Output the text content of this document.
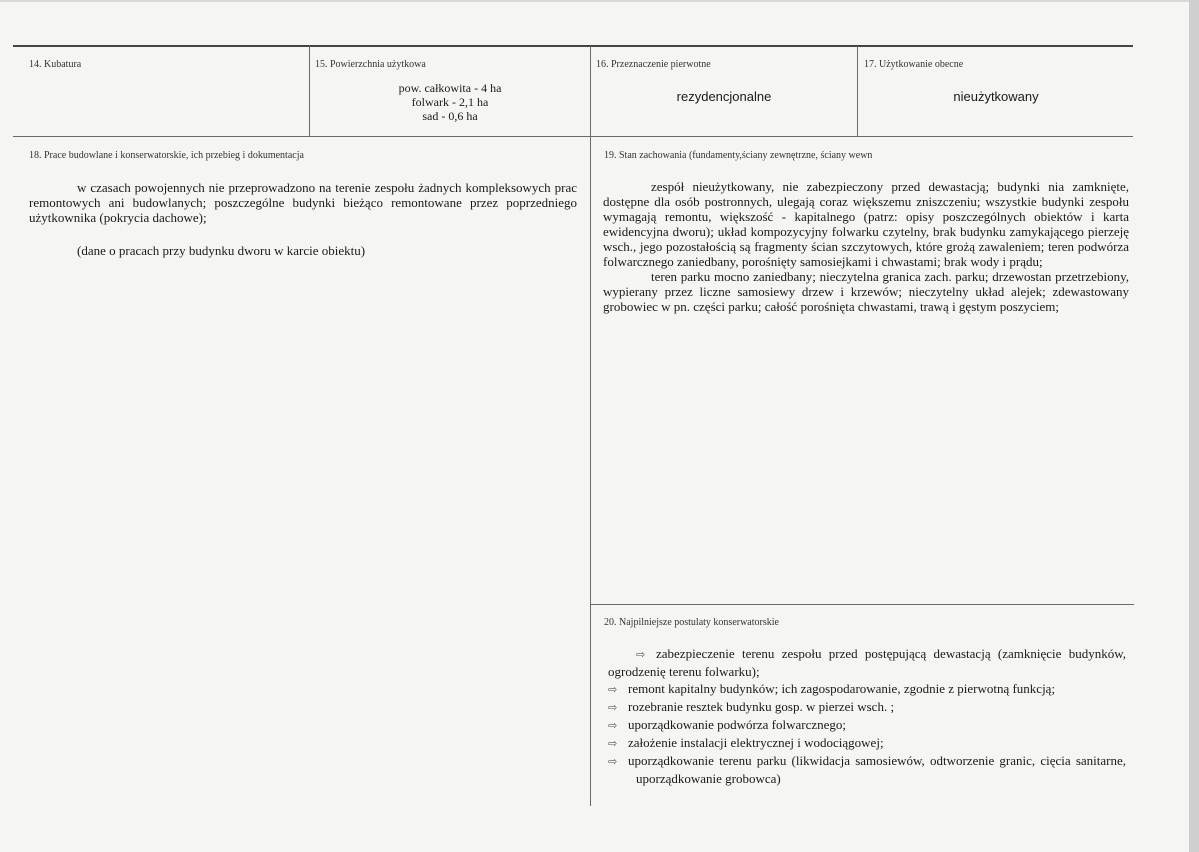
14. Kubatura	15. Powierzchnia użytkowa
pow. całkowita - 4 ha
folwark - 2,1 ha
sad - 0,6 ha
16. Przeznaczenie pierwotne
rezydencjonalne
17. Użytkowanie obecne
nieużytkowany
18. Prace budowlane i konserwatorskie, ich przebieg i dokumentacja

w czasach powojennych nie przeprowadzono na terenie zespołu żadnych kompleksowych prac remontowych ani budowlanych; poszczególne budynki bieżąco remontowane przez poprzedniego użytkownika (pokrycia dachowe);

(dane o pracach przy budynku dworu w karcie obiektu)

19. Stan zachowania (fundamenty,ściany zewnętrzne, ściany wewn

zespół nieużytkowany, nie zabezpieczony przed dewastacją; budynki nia zamknięte, dostępne dla osób postronnych, ulegają coraz większemu zniszczeniu; wszystkie budynki zespołu wymagają remontu, większość - kapitalnego (patrz: opisy poszczególnych obiektów i karta ewidencyjna dworu); układ kompozycyjny folwarku czytelny, brak budynku zamykającego pierzeję wsch., jego pozostałością są fragmenty ścian szczytowych, które grożą zawaleniem; teren podwórza folwarcznego zaniedbany, porośnięty samosiejkami i chwastami; brak wody i prądu;

teren parku mocno zaniedbany; nieczytelna granica zach. parku; drzewostan przetrzebiony, wypierany przez liczne samosiewy drzew i krzewów; nieczytelny układ alejek; zdewastowany grobowiec w pn. części parku; całość porośnięta chwastami, trawą i gęstym poszyciem;

20. Najpilniejsze postulaty konserwatorskie

⇨ zabezpieczenie terenu zespołu przed postępującą dewastacją (zamknięcie budynków, ogrodzenię terenu folwarku);

⇨ remont kapitalny budynków; ich zagospodarowanie, zgodnie z pierwotną funkcją;

⇨ rozebranie resztek budynku gosp. w pierzei wsch. ;

⇨ uporządkowanie podwórza folwarcznego;

⇨ założenie instalacji elektrycznej i wodociągowej;

⇨ uporządkowanie terenu parku (likwidacja samosiewów, odtworzenie granic, cięcia sanitarne, uporządkowanie grobowca)
